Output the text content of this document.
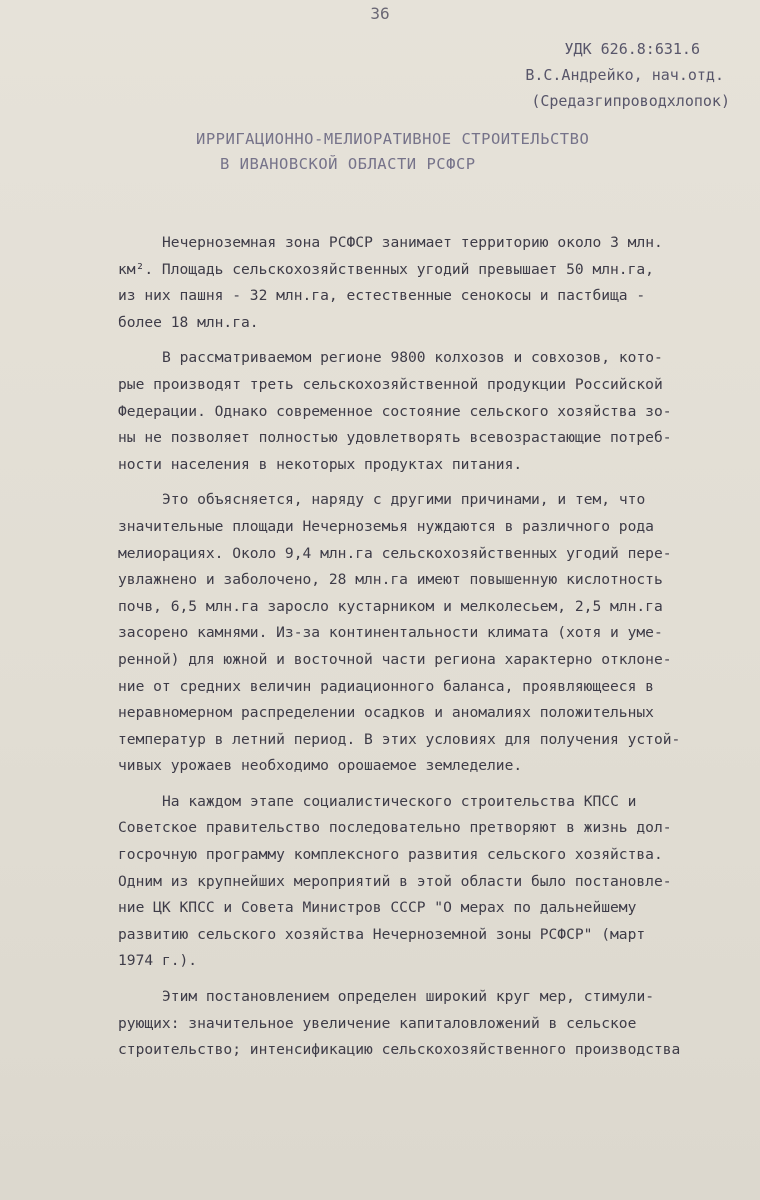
36
УДК 626.8:631.6
В.С.Андрейко, нач.отд.
(Средазгипроводхлопок)
ИРРИГАЦИОННО-МЕЛИОРАТИВНОЕ СТРОИТЕЛЬСТВО
В ИВАНОВСКОЙ ОБЛАСТИ РСФСР
Нечерноземная зона РСФСР занимает территорию около 3 млн.
км². Площадь сельскохозяйственных угодий превышает 50 млн.га,
из них пашня - 32 млн.га, естественные сенокосы и пастбища -
более 18 млн.га.
В рассматриваемом регионе 9800 колхозов и совхозов, кото-
рые производят треть сельскохозяйственной продукции Российской
Федерации. Однако современное состояние сельского хозяйства зо-
ны не позволяет полностью удовлетворять всевозрастающие потреб-
ности населения в некоторых продуктах питания.
Это объясняется, наряду с другими причинами, и тем, что
значительные площади Нечерноземья нуждаются в различного рода
мелиорациях. Около 9,4 млн.га сельскохозяйственных угодий пере-
увлажнено и заболочено, 28 млн.га имеют повышенную кислотность
почв, 6,5 млн.га заросло кустарником и мелколесьем, 2,5 млн.га
засорено камнями. Из-за континентальности климата (хотя и уме-
ренной) для южной и восточной части региона характерно отклоне-
ние от средних величин радиационного баланса, проявляющееся в
неравномерном распределении осадков и аномалиях положительных
температур в летний период. В этих условиях для получения устой-
чивых урожаев необходимо орошаемое земледелие.
На каждом этапе социалистического строительства КПСС и
Советское правительство последовательно претворяют в жизнь дол-
госрочную программу комплексного развития сельского хозяйства.
Одним из крупнейших мероприятий в этой области было постановле-
ние ЦК КПСС и Совета Министров СССР "О мерах по дальнейшему
развитию сельского хозяйства Нечерноземной зоны РСФСР" (март
1974 г.).
Этим постановлением определен широкий круг мер, стимули-
рующих: значительное увеличение капиталовложений в сельское
строительство; интенсификацию сельскохозяйственного производства
